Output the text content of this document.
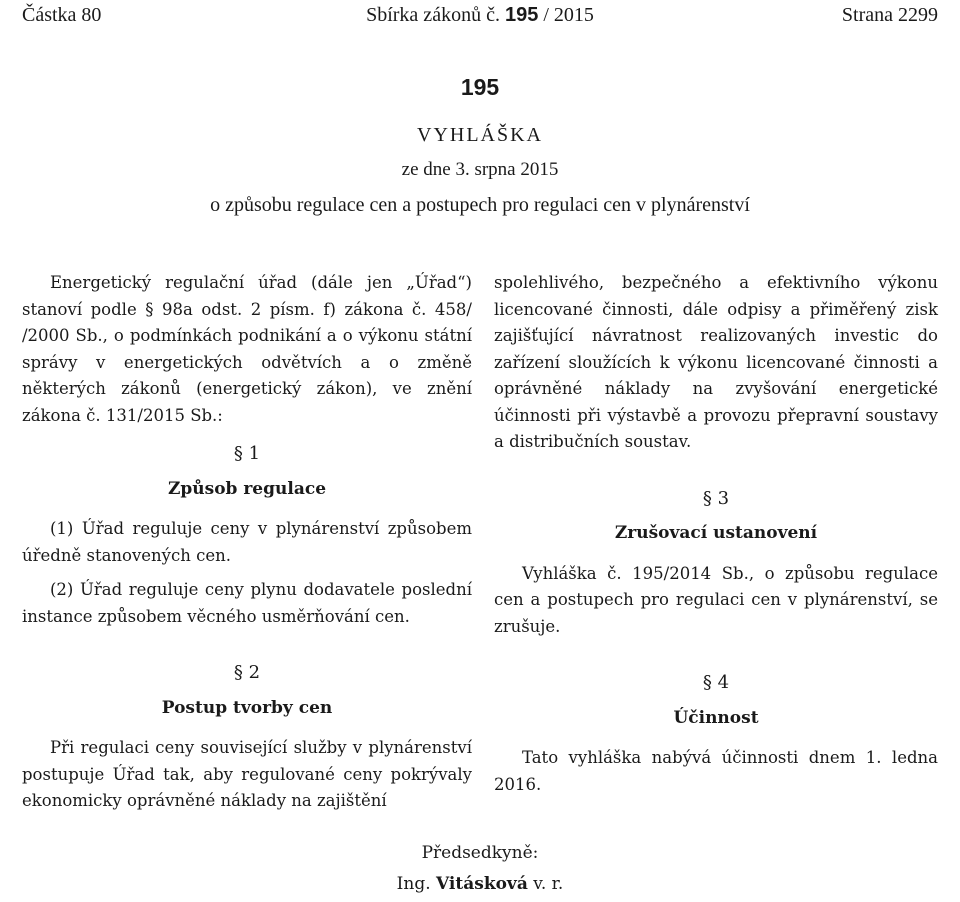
Částka 80	Sbírka zákonů č. 195 / 2015	Strana 2299
195
VYHLÁŠKA
ze dne 3. srpna 2015
o způsobu regulace cen a postupech pro regulaci cen v plynárenství

Energetický regulační úřad (dále jen „Úřad“) stanoví podle § 98a odst. 2 písm. f) zákona č. 458/ /2000 Sb., o podmínkách podnikání a o výkonu státní správy v energetických odvětvích a o změně některých zákonů (energetický zákon), ve znění zákona č. 131/2015 Sb.:

§ 1

Způsob regulace

(1) Úřad reguluje ceny v plynárenství způsobem úředně stanovených cen.

(2) Úřad reguluje ceny plynu dodavatele poslední instance způsobem věcného usměrňování cen.

§ 2

Postup tvorby cen

Při regulaci ceny související služby v plynárenství postupuje Úřad tak, aby regulované ceny pokrývaly ekonomicky oprávněné náklady na zajištění

spolehlivého, bezpečného a efektivního výkonu licencované činnosti, dále odpisy a přiměřený zisk zajišťující návratnost realizovaných investic do zařízení sloužících k výkonu licencované činnosti a oprávněné náklady na zvyšování energetické účinnosti při výstavbě a provozu přepravní soustavy a distribučních soustav.

§ 3

Zrušovací ustanovení

Vyhláška č. 195/2014 Sb., o způsobu regulace cen a postupech pro regulaci cen v plynárenství, se zrušuje.

§ 4

Účinnost

Tato vyhláška nabývá účinnosti dnem 1. ledna 2016.

Předsedkyně:
Ing. Vitásková v. r.
